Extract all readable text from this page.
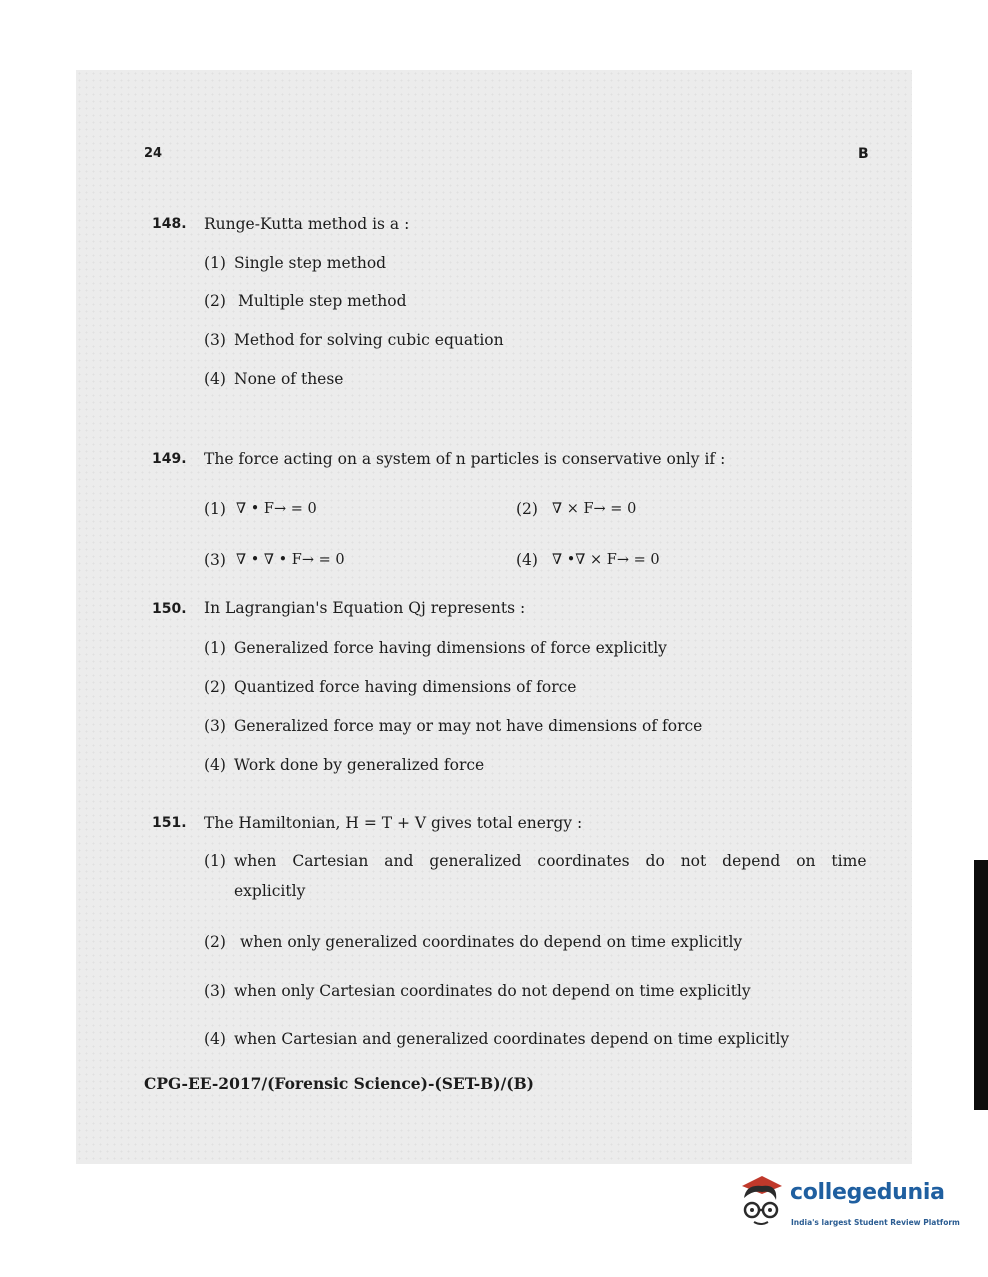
24	B
148. Runge-Kutta method is a :
(1) Single step method
(2) Multiple step method
(3) Method for solving cubic equation
(4) None of these
149. The force acting on a system of n particles is conservative only if :
(1) ∇ • F→ = 0	(2) ∇ × F→ = 0
(3) ∇ • ∇ • F→ = 0	(4) ∇ •∇ × F→ = 0
150. In Lagrangian's Equation Qj represents :
(1) Generalized force having dimensions of force explicitly
(2) Quantized force having dimensions of force
(3) Generalized force may or may not have dimensions of force
(4) Work done by generalized force
151. The Hamiltonian, H = T + V gives total energy :
(1) when Cartesian and generalized coordinates do not depend on time
explicitly
(2) when only generalized coordinates do depend on time explicitly
(3) when only Cartesian coordinates do not depend on time explicitly
(4) when Cartesian and generalized coordinates depend on time explicitly
CPG-EE-2017/(Forensic Science)-(SET-B)/(B)
collegedunia
India's largest Student Review Platform
